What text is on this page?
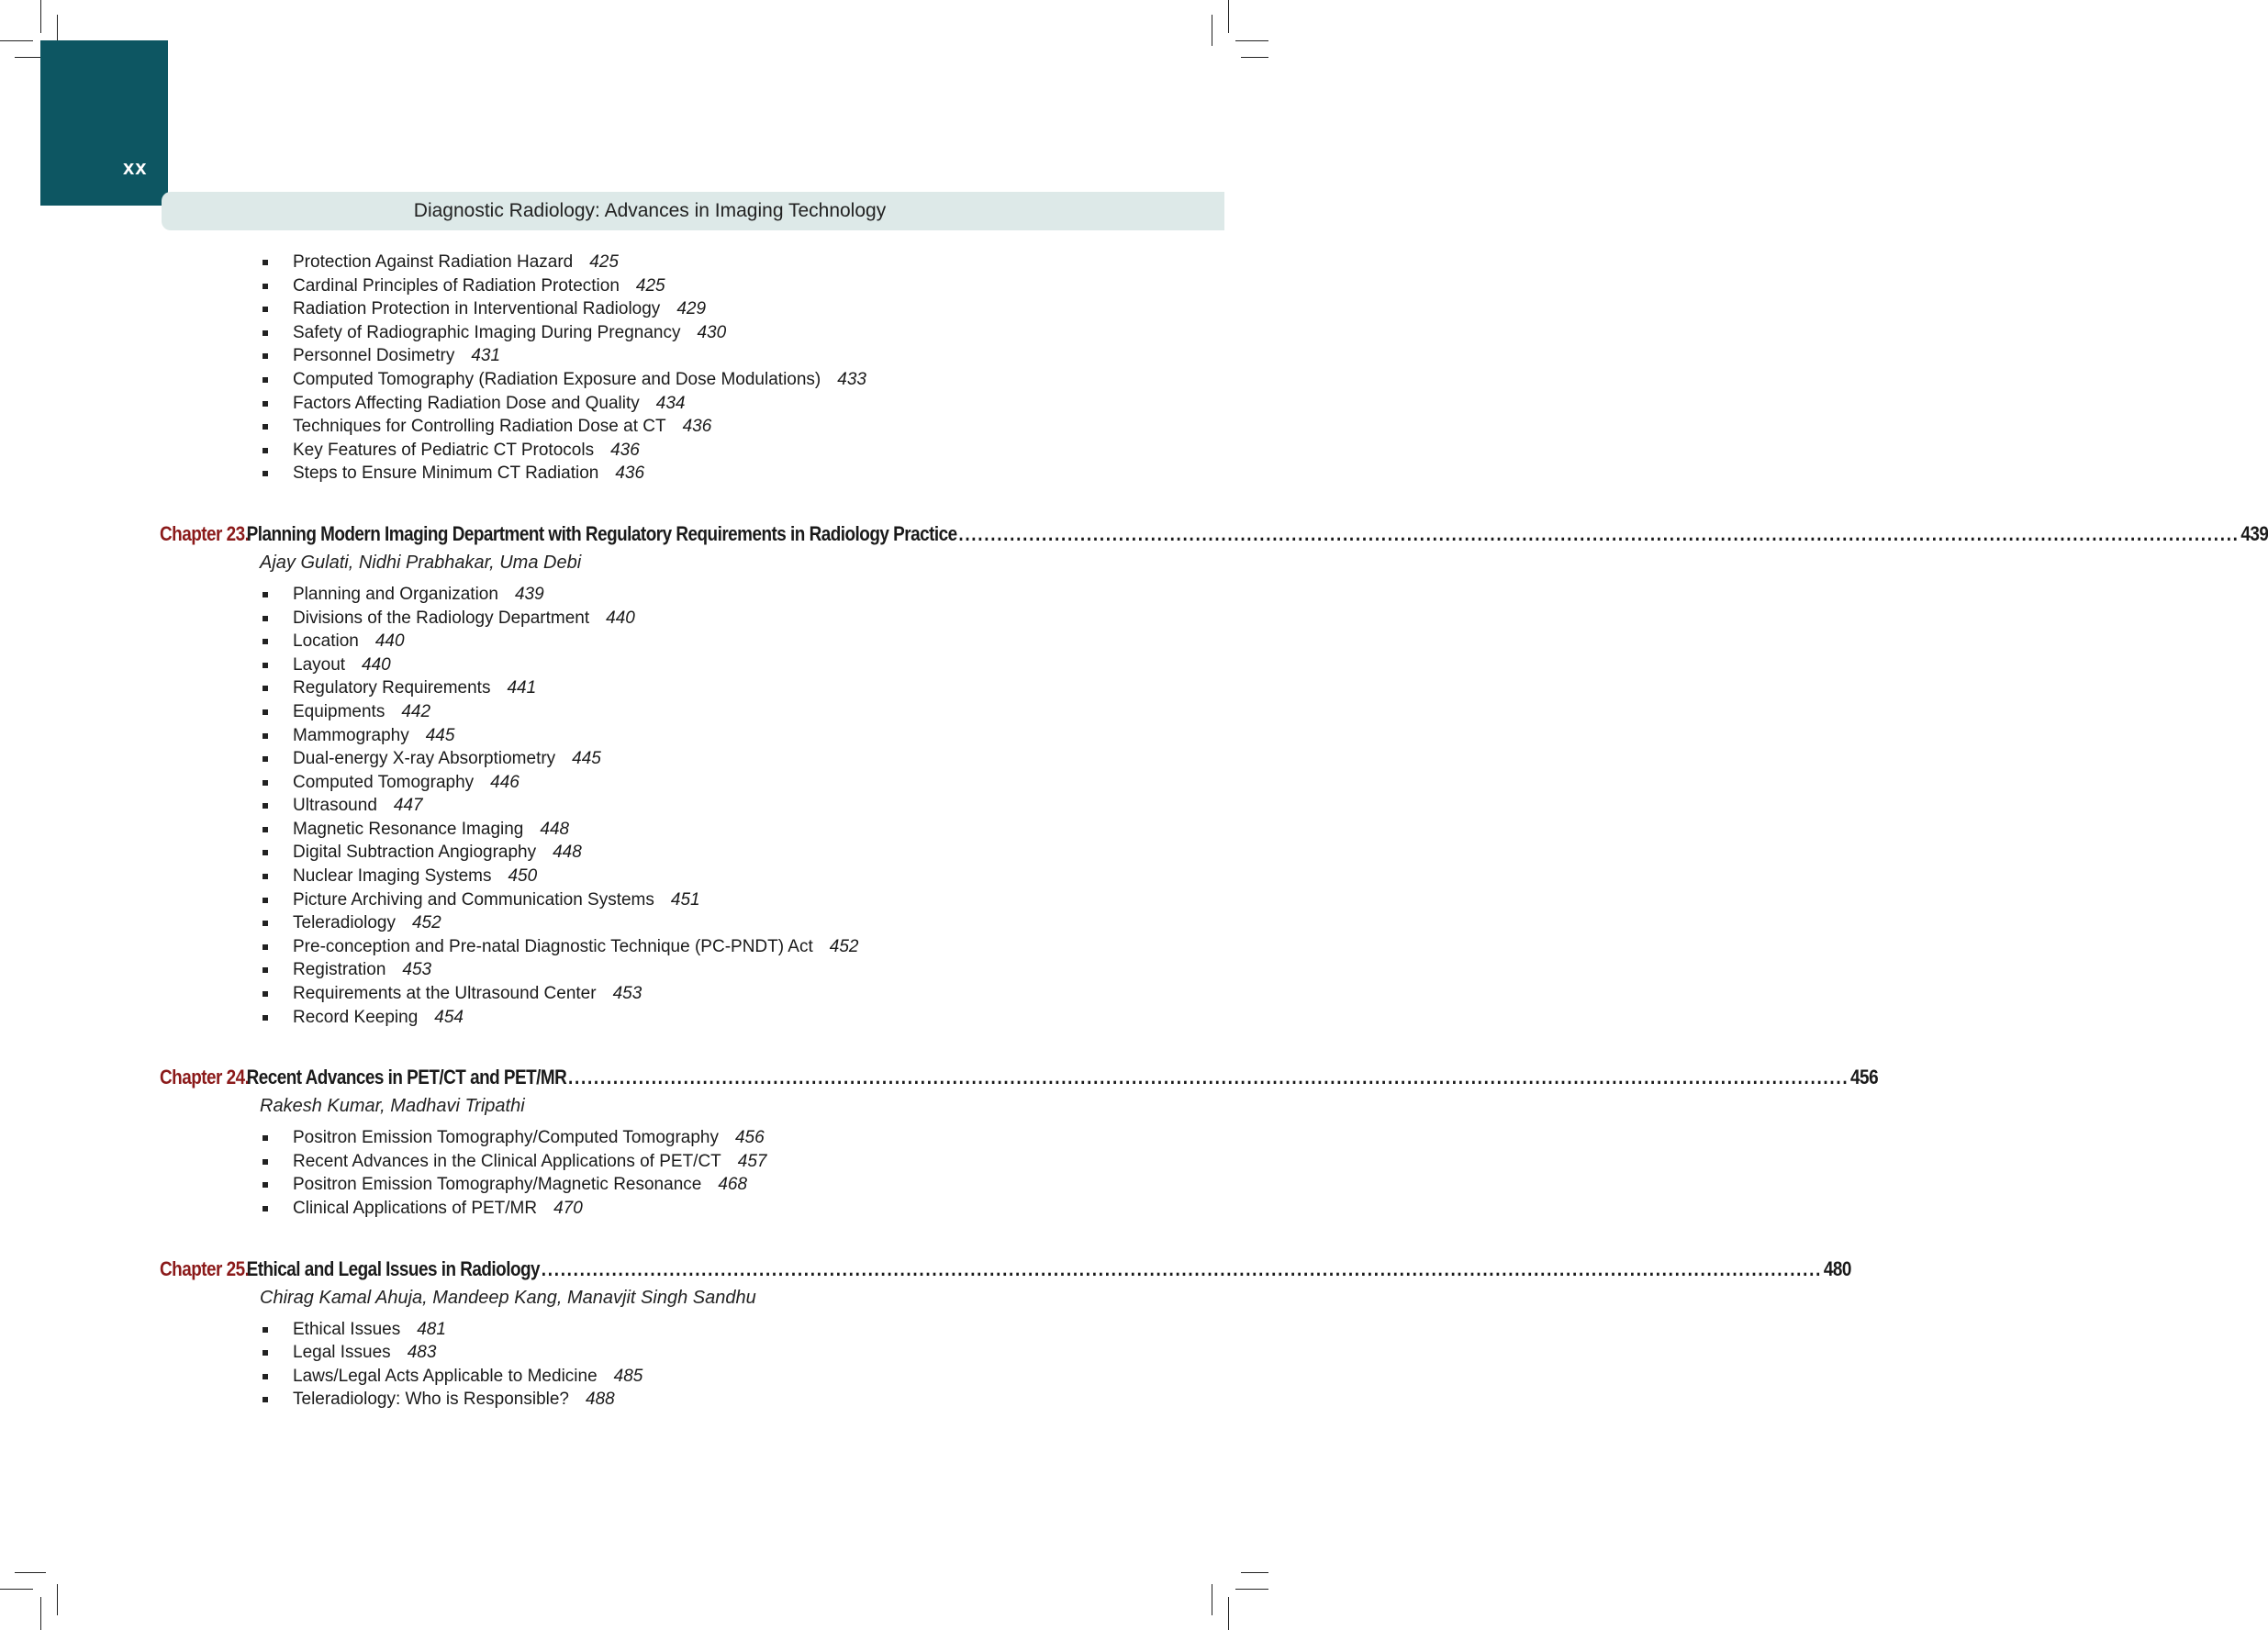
xx
Diagnostic Radiology: Advances in Imaging Technology
Protection Against Radiation Hazard 425
Cardinal Principles of Radiation Protection 425
Radiation Protection in Interventional Radiology 429
Safety of Radiographic Imaging During Pregnancy 430
Personnel Dosimetry 431
Computed Tomography (Radiation Exposure and Dose Modulations) 433
Factors Affecting Radiation Dose and Quality 434
Techniques for Controlling Radiation Dose at CT 436
Key Features of Pediatric CT Protocols 436
Steps to Ensure Minimum CT Radiation 436
Chapter 23.
Planning Modern Imaging Department with Regulatory Requirements in Radiology Practice ........................................................................................................................................................................................................ 439
Ajay Gulati, Nidhi Prabhakar, Uma Debi
Planning and Organization 439
Divisions of the Radiology Department 440
Location 440
Layout 440
Regulatory Requirements 441
Equipments 442
Mammography 445
Dual-energy X-ray Absorptiometry 445
Computed Tomography 446
Ultrasound 447
Magnetic Resonance Imaging 448
Digital Subtraction Angiography 448
Nuclear Imaging Systems 450
Picture Archiving and Communication Systems 451
Teleradiology 452
Pre-conception and Pre-natal Diagnostic Technique (PC-PNDT) Act 452
Registration 453
Requirements at the Ultrasound Center 453
Record Keeping 454
Chapter 24.
Recent Advances in PET/CT and PET/MR ........................................................................................................................................................................................................ 456
Rakesh Kumar, Madhavi Tripathi
Positron Emission Tomography/Computed Tomography 456
Recent Advances in the Clinical Applications of PET/CT 457
Positron Emission Tomography/Magnetic Resonance 468
Clinical Applications of PET/MR 470
Chapter 25.
Ethical and Legal Issues in Radiology ........................................................................................................................................................................................................ 480
Chirag Kamal Ahuja, Mandeep Kang, Manavjit Singh Sandhu
Ethical Issues 481
Legal Issues 483
Laws/Legal Acts Applicable to Medicine 485
Teleradiology: Who is Responsible? 488
